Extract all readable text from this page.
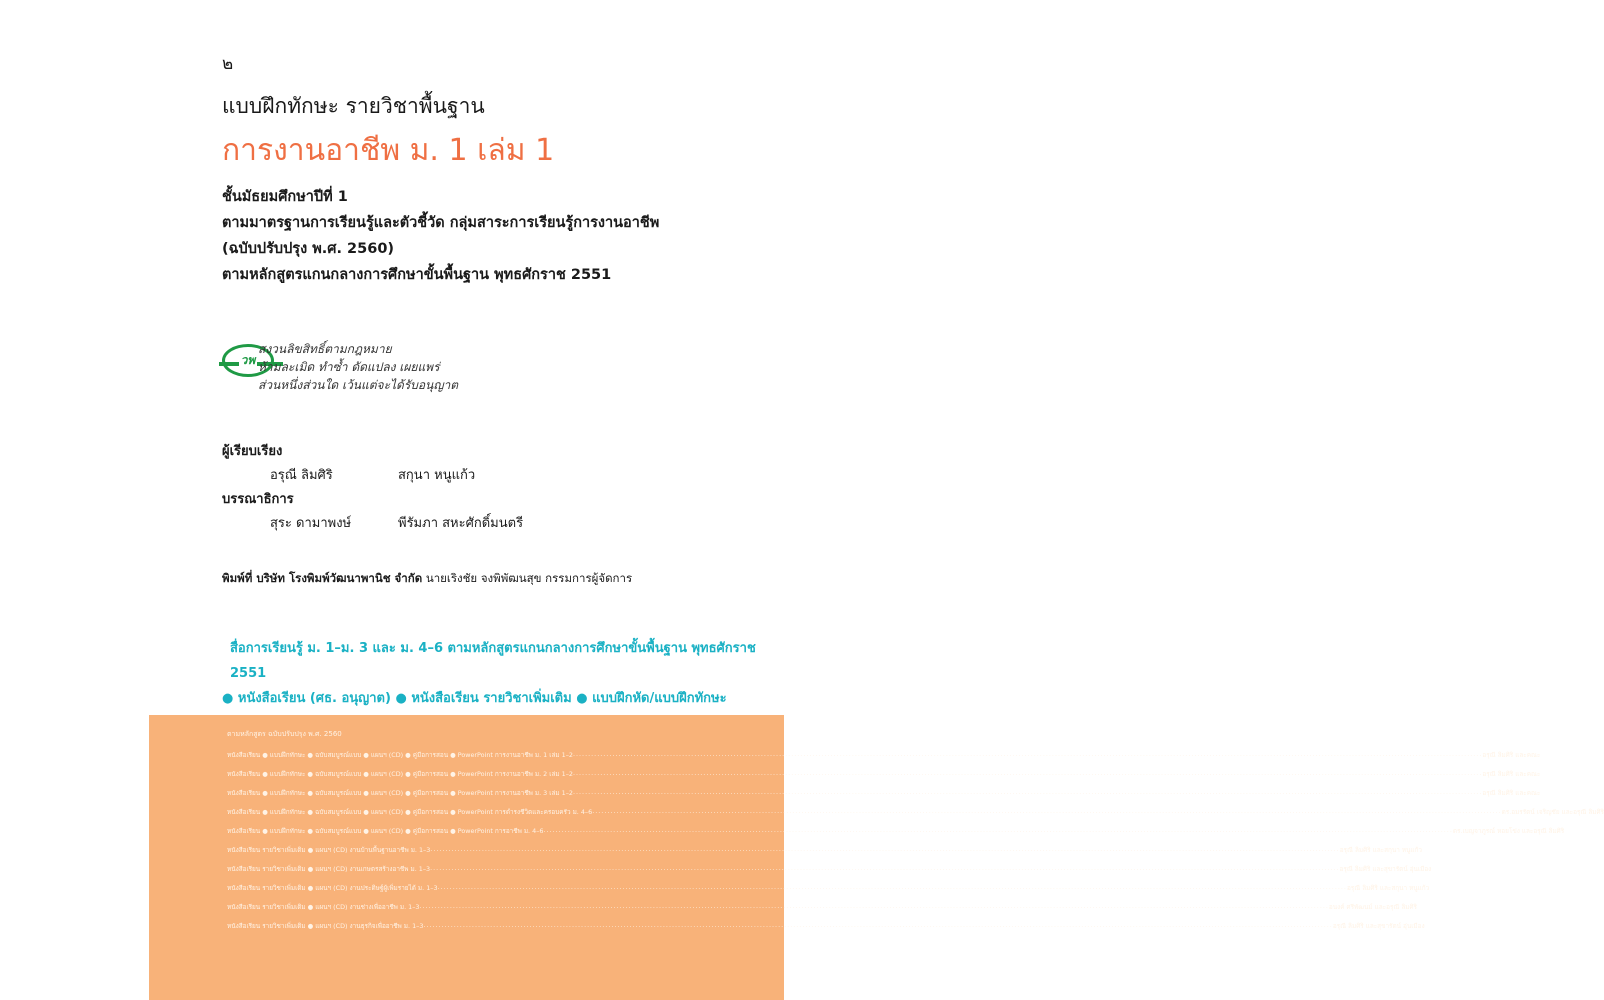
๒
แบบฝึกทักษะ รายวิชาพื้นฐาน
การงานอาชีพ ม. 1 เล่ม 1
ชั้นมัธยมศึกษาปีที่ 1
ตามมาตรฐานการเรียนรู้และตัวชี้วัด กลุ่มสาระการเรียนรู้การงานอาชีพ
(ฉบับปรับปรุง พ.ศ. 2560)
ตามหลักสูตรแกนกลางการศึกษาขั้นพื้นฐาน พุทธศักราช 2551
วพ
สงวนลิขสิทธิ์ตามกฎหมาย
ห้ามละเมิด ทำซ้ำ ดัดแปลง เผยแพร่
ส่วนหนึ่งส่วนใด เว้นแต่จะได้รับอนุญาต
ผู้เรียบเรียง
อรุณี ลิมศิริ	สกุนา หนูแก้ว
บรรณาธิการ
สุระ ดามาพงษ์	พีรัมภา สหะศักดิ์มนตรี
พิมพ์ที่ บริษัท โรงพิมพ์วัฒนาพานิช จำกัด นายเริงชัย จงพิพัฒนสุข กรรมการผู้จัดการ
สื่อการเรียนรู้ ม. 1–ม. 3 และ ม. 4–6 ตามหลักสูตรแกนกลางการศึกษาขั้นพื้นฐาน พุทธศักราช 2551
● หนังสือเรียน (ศธ. อนุญาต) ● หนังสือเรียน รายวิชาเพิ่มเติม ● แบบฝึกหัด/แบบฝึกทักษะ
ตามหลักสูตร ฉบับปรับปรุง พ.ศ. 2560
หนังสือเรียน ● แบบฝึกทักษะ ● ฉบับสมบูรณ์แบบ ● แผนฯ (CD) ● คู่มือการสอน ● PowerPoint การงานอาชีพ ม. 1 เล่ม 1–2 ............................................................................................................................................................................................................................................................................................................ อรุณี ลิมศิริ และคณะ
หนังสือเรียน ● แบบฝึกทักษะ ● ฉบับสมบูรณ์แบบ ● แผนฯ (CD) ● คู่มือการสอน ● PowerPoint การงานอาชีพ ม. 2 เล่ม 1–2 ............................................................................................................................................................................................................................................................................................................ อรุณี ลิมศิริ และคณะ
หนังสือเรียน ● แบบฝึกทักษะ ● ฉบับสมบูรณ์แบบ ● แผนฯ (CD) ● คู่มือการสอน ● PowerPoint การงานอาชีพ ม. 3 เล่ม 1–2 ............................................................................................................................................................................................................................................................................................................ อรุณี ลิมศิริ และคณะ
หนังสือเรียน ● แบบฝึกทักษะ ● ฉบับสมบูรณ์แบบ ● แผนฯ (CD) ● คู่มือการสอน ● PowerPoint การดำรงชีวิตและครอบครัว ม. 4–6 ............................................................................................................................................................................................................................................................................................................ ดร.อมรรัตน์ เจริญชัย และอรุณี ลิมศิริ
หนังสือเรียน ● แบบฝึกทักษะ ● ฉบับสมบูรณ์แบบ ● แผนฯ (CD) ● คู่มือการสอน ● PowerPoint การอาชีพ ม. 4–6 ............................................................................................................................................................................................................................................................................................................ ดร.เบญจาภูรณ์ หอยโข่ง และอรุณี ลิมศิริ
หนังสือเรียน รายวิชาเพิ่มเติม ● แผนฯ (CD) งานบ้านพื้นฐานอาชีพ ม. 1–3 ............................................................................................................................................................................................................................................................................................................ อรุณี ลิมศิริ และสกุนา หนูแก้ว
หนังสือเรียน รายวิชาเพิ่มเติม ● แผนฯ (CD) งานเกษตรสร้างอาชีพ ม. 1–3 ............................................................................................................................................................................................................................................................................................................ อรุณี ลิมศิริ และสุขารัตน์ อุ่นเมือง
หนังสือเรียน รายวิชาเพิ่มเติม ● แผนฯ (CD) งานประดิษฐ์ผู้เพิ่มรายได้ ม. 1–3 ............................................................................................................................................................................................................................................................................................................ อรุณี ลิมศิริ และสกุนา หนูแก้ว
หนังสือเรียน รายวิชาเพิ่มเติม ● แผนฯ (CD) งานช่างเพื่ออาชีพ ม. 1–3 ............................................................................................................................................................................................................................................................................................................ อนงค์ ศรีพัฒนม์ และอรุณี ลิมศิริ
หนังสือเรียน รายวิชาเพิ่มเติม ● แผนฯ (CD) งานธุรกิจเพื่ออาชีพ ม. 1–3 ............................................................................................................................................................................................................................................................................................................ อรุณี ลิมศิริ และสุขารัตน์ อุ่นเมือง
